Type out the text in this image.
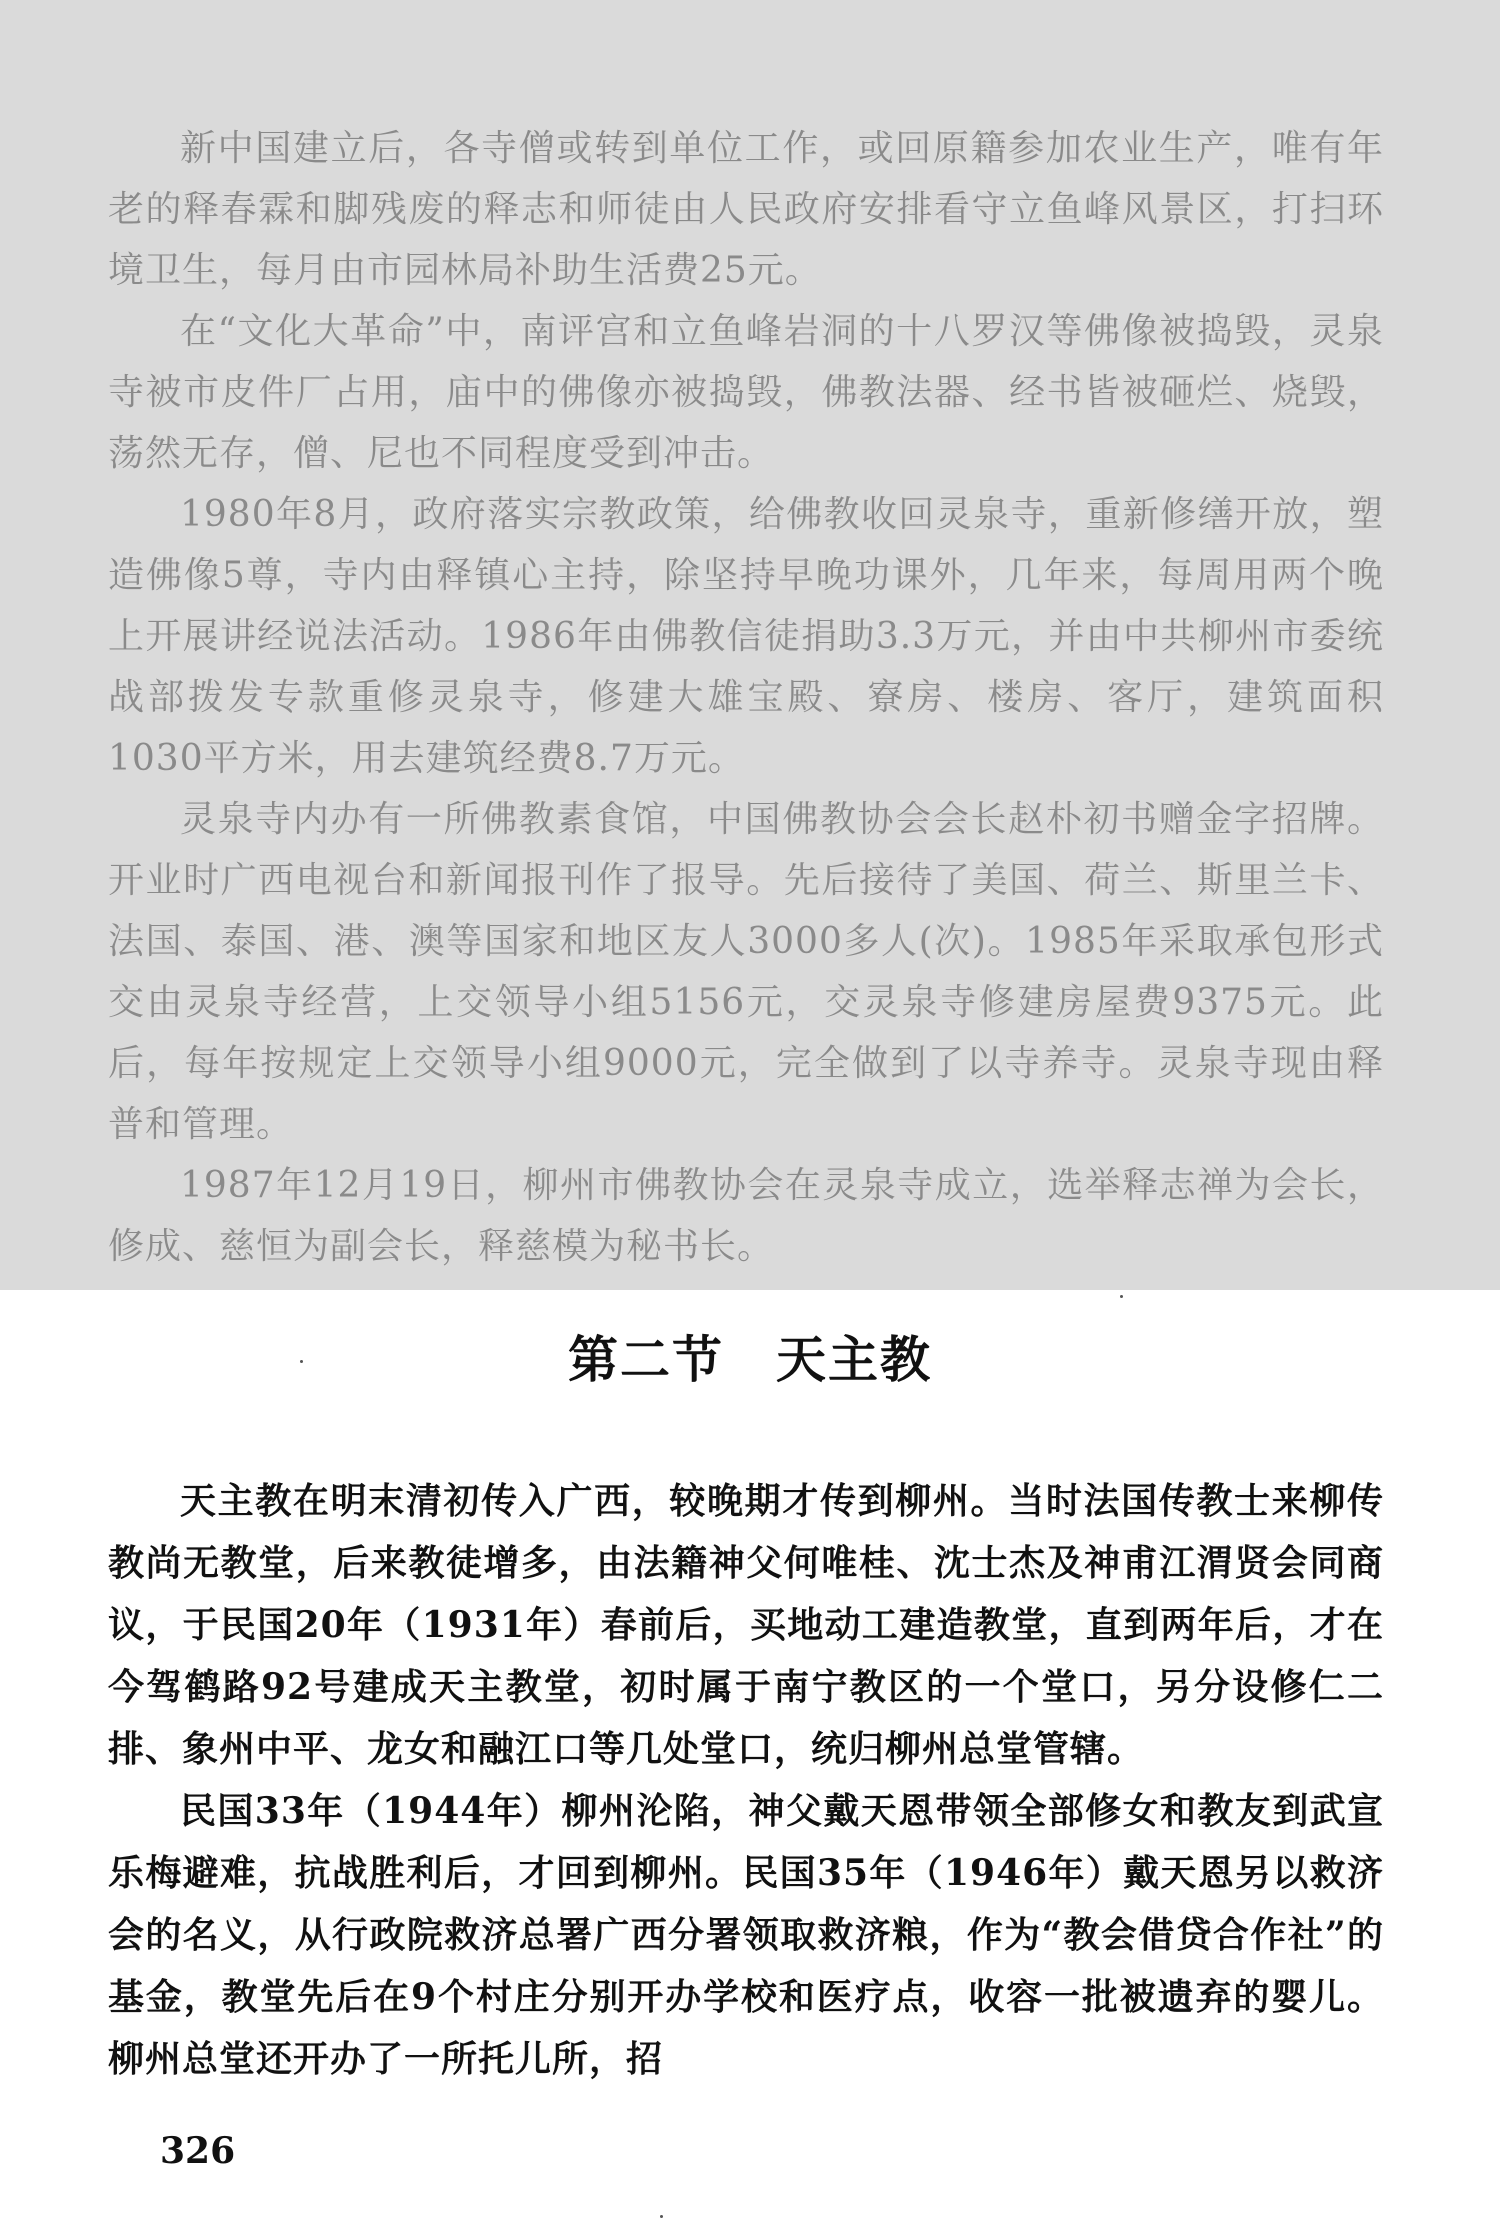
新中国建立后，各寺僧或转到单位工作，或回原籍参加农业生产，唯有年老的释春霖和脚残废的释志和师徒由人民政府安排看守立鱼峰风景区，打扫环境卫生，每月由市园林局补助生活费25元。

在“文化大革命”中，南评宫和立鱼峰岩洞的十八罗汉等佛像被捣毁，灵泉寺被市皮件厂占用，庙中的佛像亦被捣毁，佛教法器、经书皆被砸烂、烧毁，荡然无存，僧、尼也不同程度受到冲击。

1980年8月，政府落实宗教政策，给佛教收回灵泉寺，重新修缮开放，塑造佛像5尊，寺内由释镇心主持，除坚持早晚功课外，几年来，每周用两个晚上开展讲经说法活动。1986年由佛教信徒捐助3.3万元，并由中共柳州市委统战部拨发专款重修灵泉寺，修建大雄宝殿、寮房、楼房、客厅，建筑面积1030平方米，用去建筑经费8.7万元。

灵泉寺内办有一所佛教素食馆，中国佛教协会会长赵朴初书赠金字招牌。开业时广西电视台和新闻报刊作了报导。先后接待了美国、荷兰、斯里兰卡、法国、泰国、港、澳等国家和地区友人3000多人(次)。1985年采取承包形式交由灵泉寺经营，上交领导小组5156元，交灵泉寺修建房屋费9375元。此后，每年按规定上交领导小组9000元，完全做到了以寺养寺。灵泉寺现由释普和管理。

1987年12月19日，柳州市佛教协会在灵泉寺成立，选举释志禅为会长，修成、慈恒为副会长，释慈模为秘书长。

第二节　天主教

天主教在明末清初传入广西，较晚期才传到柳州。当时法国传教士来柳传教尚无教堂，后来教徒增多，由法籍神父何唯桂、沈士杰及神甫江渭贤会同商议，于民国20年（1931年）春前后，买地动工建造教堂，直到两年后，才在今驾鹤路92号建成天主教堂，初时属于南宁教区的一个堂口，另分设修仁二排、象州中平、龙女和融江口等几处堂口，统归柳州总堂管辖。

民国33年（1944年）柳州沦陷，神父戴天恩带领全部修女和教友到武宣乐梅避难，抗战胜利后，才回到柳州。民国35年（1946年）戴天恩另以救济会的名义，从行政院救济总署广西分署领取救济粮，作为“教会借贷合作社”的基金，教堂先后在9个村庄分别开办学校和医疗点，收容一批被遗弃的婴儿。柳州总堂还开办了一所托儿所，招

326
